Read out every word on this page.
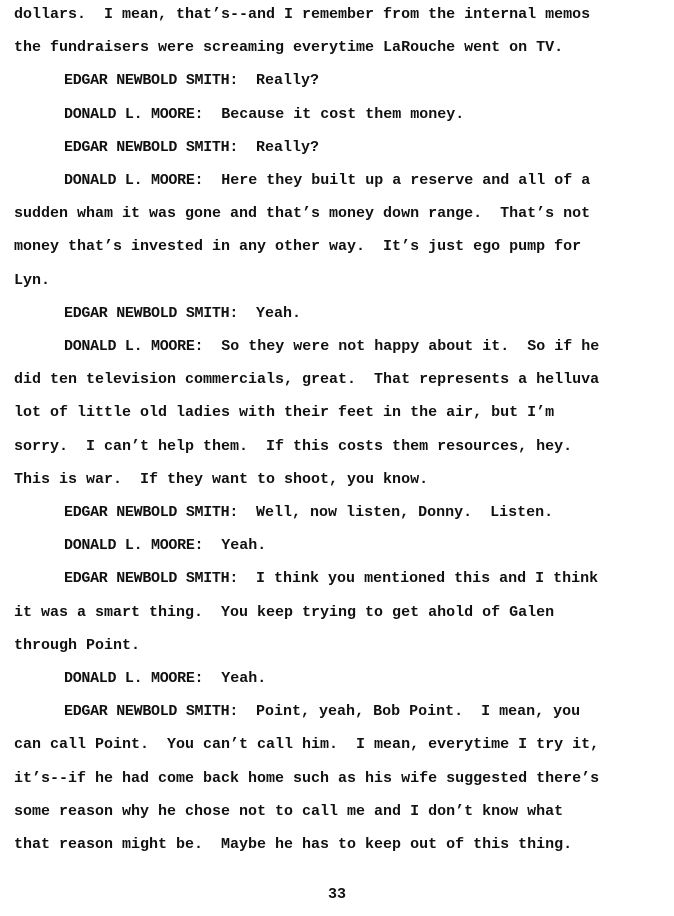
dollars.  I mean, that’s--and I remember from the internal memos
the fundraisers were screaming everytime LaRouche went on TV.
EDGAR NEWBOLD SMITH: Really?
DONALD L. MOORE: Because it cost them money.
EDGAR NEWBOLD SMITH: Really?
DONALD L. MOORE: Here they built up a reserve and all of a
sudden wham it was gone and that’s money down range.  That’s not
money that’s invested in any other way.  It’s just ego pump for
Lyn.
EDGAR NEWBOLD SMITH: Yeah.
DONALD L. MOORE: So they were not happy about it.  So if he
did ten television commercials, great.  That represents a helluva
lot of little old ladies with their feet in the air, but I’m
sorry.  I can’t help them.  If this costs them resources, hey.
This is war.  If they want to shoot, you know.
EDGAR NEWBOLD SMITH: Well, now listen, Donny.  Listen.
DONALD L. MOORE: Yeah.
EDGAR NEWBOLD SMITH: I think you mentioned this and I think
it was a smart thing.  You keep trying to get ahold of Galen
through Point.
DONALD L. MOORE: Yeah.
EDGAR NEWBOLD SMITH: Point, yeah, Bob Point.  I mean, you
can call Point.  You can’t call him.  I mean, everytime I try it,
it’s--if he had come back home such as his wife suggested there’s
some reason why he chose not to call me and I don’t know what
that reason might be.  Maybe he has to keep out of this thing.
33
